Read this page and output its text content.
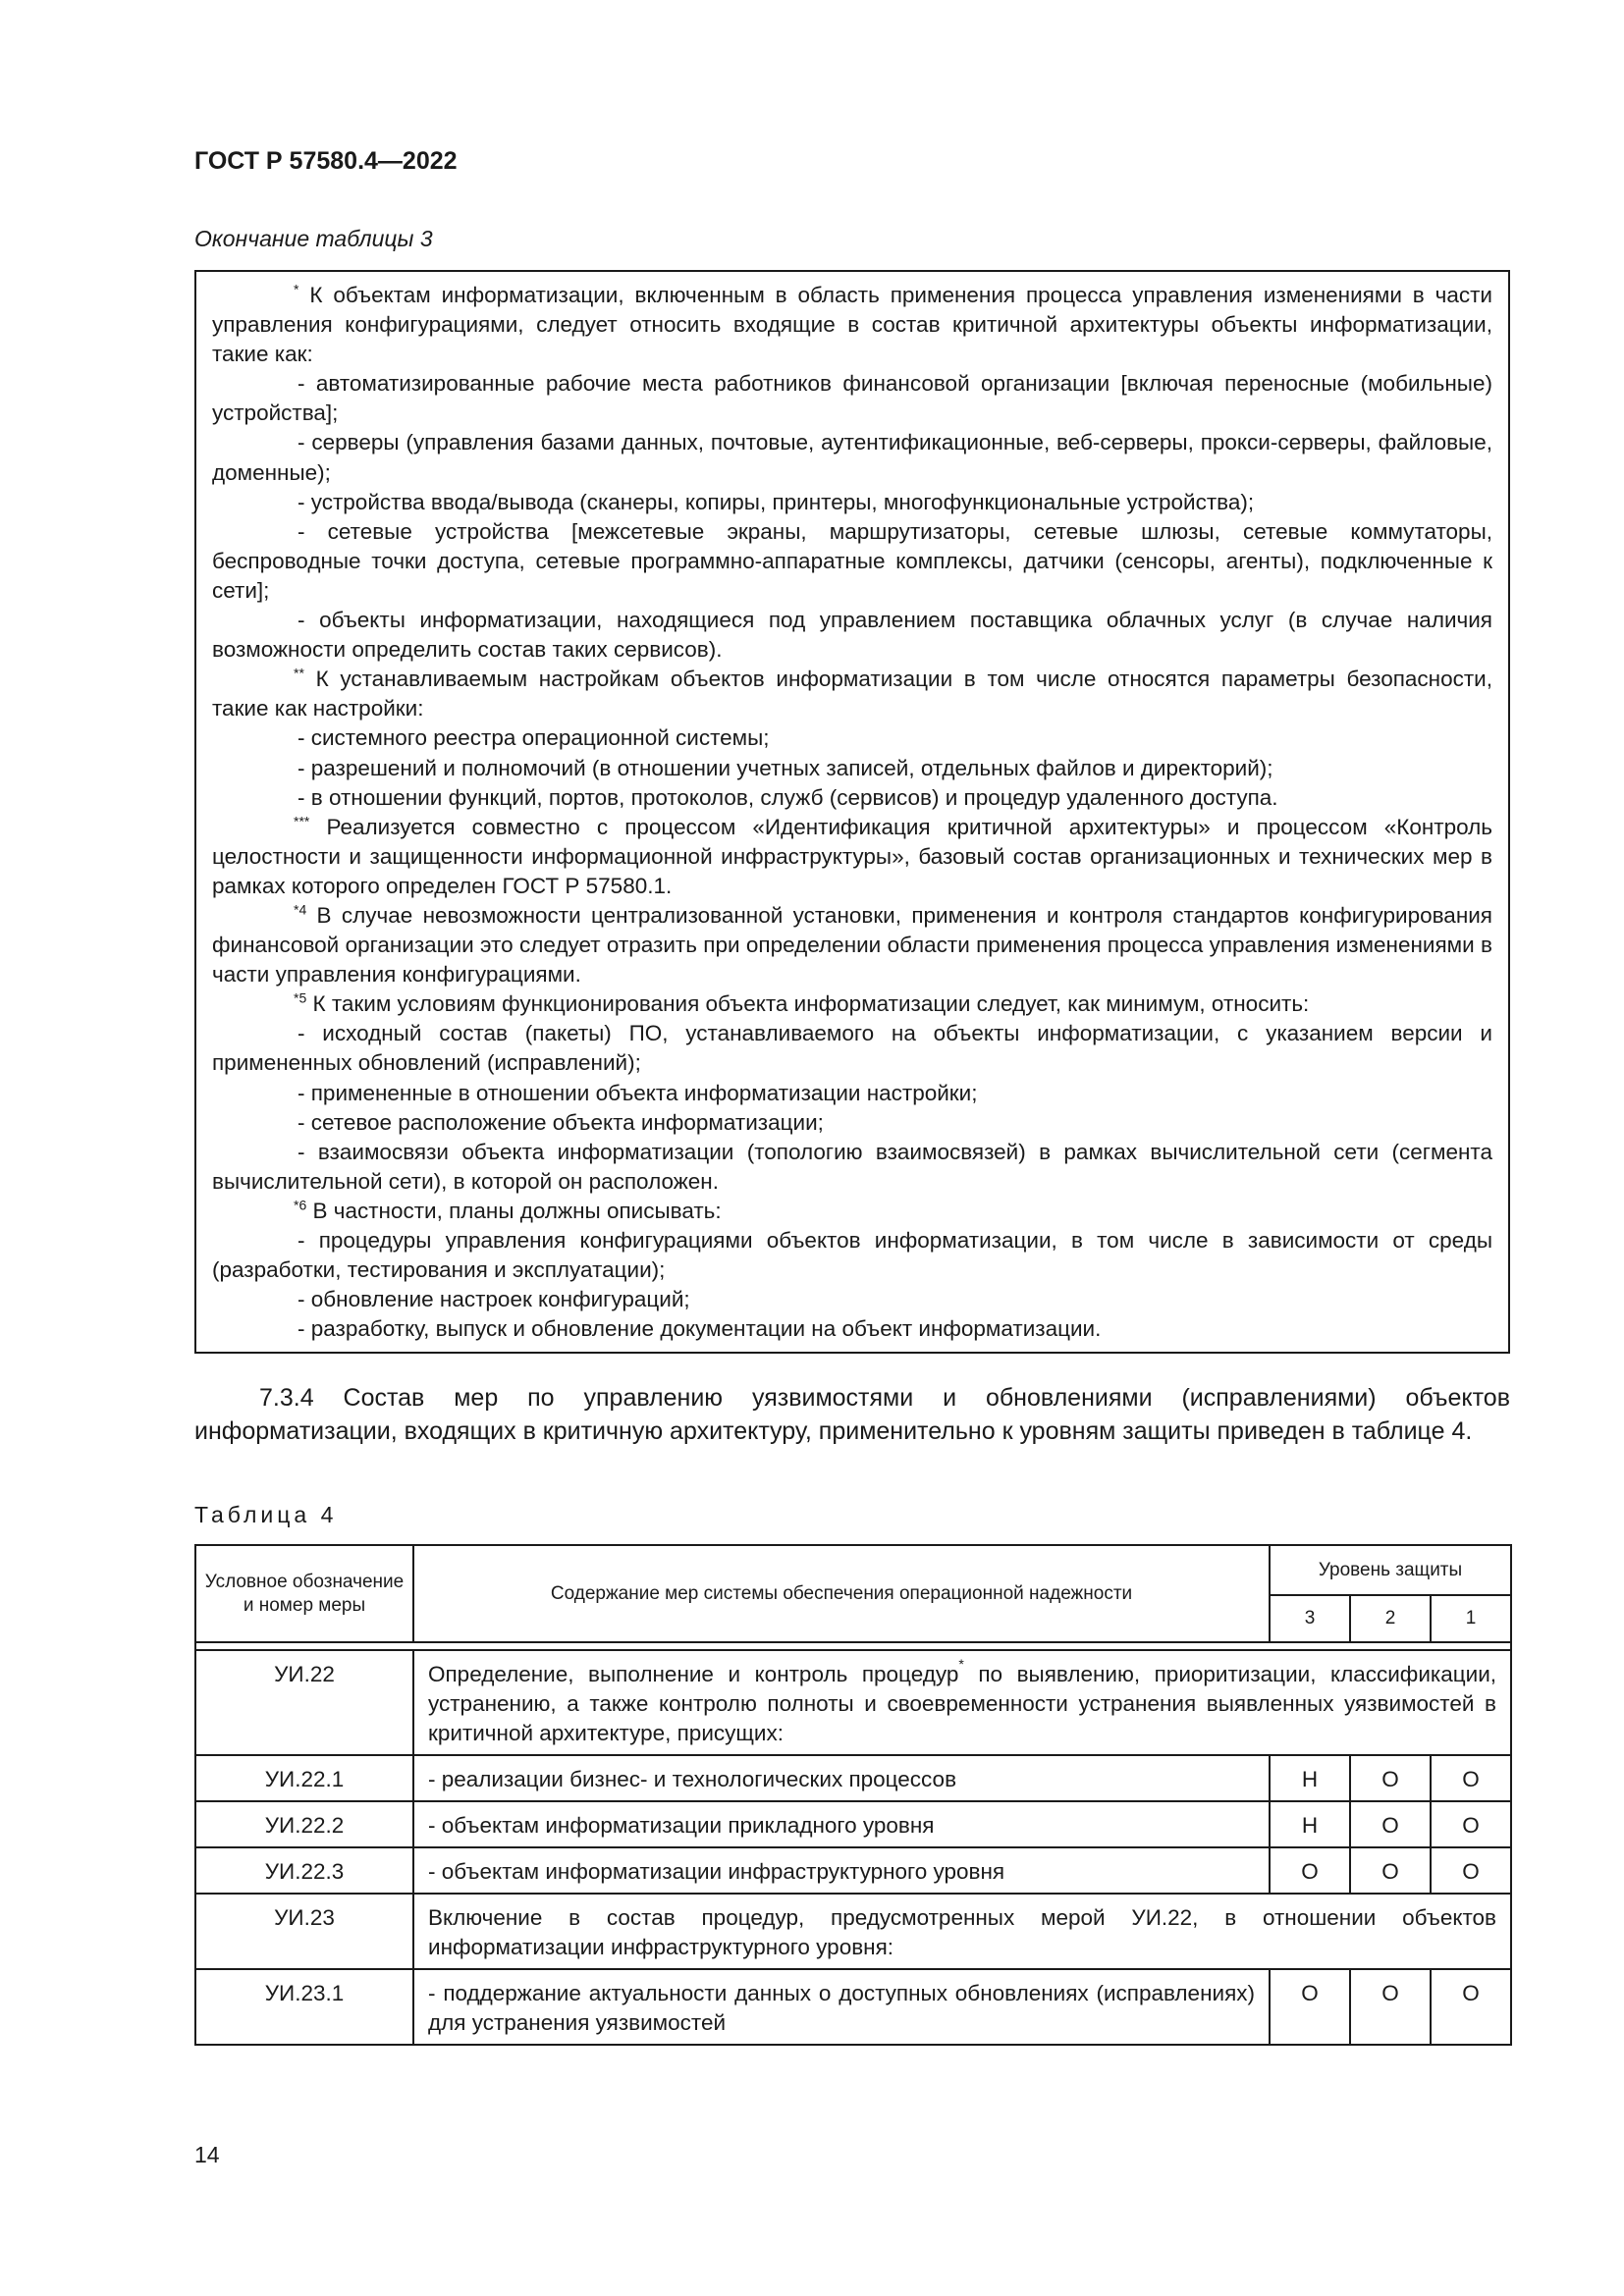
ГОСТ Р 57580.4—2022
Окончание таблицы 3

* К объектам информатизации, включенным в область применения процесса управления изменениями в части управления конфигурациями, следует относить входящие в состав критичной архитектуры объекты информатизации, такие как:

- автоматизированные рабочие места работников финансовой организации [включая переносные (мобильные) устройства];

- серверы (управления базами данных, почтовые, аутентификационные, веб-серверы, прокси-серверы, файловые, доменные);

- устройства ввода/вывода (сканеры, копиры, принтеры, многофункциональные устройства);

- сетевые устройства [межсетевые экраны, маршрутизаторы, сетевые шлюзы, сетевые коммутаторы, беспроводные точки доступа, сетевые программно-аппаратные комплексы, датчики (сенсоры, агенты), подключенные к сети];

- объекты информатизации, находящиеся под управлением поставщика облачных услуг (в случае наличия возможности определить состав таких сервисов).

** К устанавливаемым настройкам объектов информатизации в том числе относятся параметры безопасности, такие как настройки:

- системного реестра операционной системы;

- разрешений и полномочий (в отношении учетных записей, отдельных файлов и директорий);

- в отношении функций, портов, протоколов, служб (сервисов) и процедур удаленного доступа.

*** Реализуется совместно с процессом «Идентификация критичной архитектуры» и процессом «Контроль целостности и защищенности информационной инфраструктуры», базовый состав организационных и технических мер в рамках которого определен ГОСТ Р 57580.1.

$^{*4}$ В случае невозможности централизованной установки, применения и контроля стандартов конфигурирования финансовой организации это следует отразить при определении области применения процесса управления изменениями в части управления конфигурациями.

$^{*5}$ К таким условиям функционирования объекта информатизации следует, как минимум, относить:

- исходный состав (пакеты) ПО, устанавливаемого на объекты информатизации, с указанием версии и примененных обновлений (исправлений);

- примененные в отношении объекта информатизации настройки;

- сетевое расположение объекта информатизации;

- взаимосвязи объекта информатизации (топологию взаимосвязей) в рамках вычислительной сети (сегмента вычислительной сети), в которой он расположен.

$^{*6}$ В частности, планы должны описывать:

- процедуры управления конфигурациями объектов информатизации, в том числе в зависимости от среды (разработки, тестирования и эксплуатации);

- обновление настроек конфигураций;

- разработку, выпуск и обновление документации на объект информатизации.

7.3.4 Состав мер по управлению уязвимостями и обновлениями (исправлениями) объектов информатизации, входящих в критичную архитектуру, применительно к уровням защиты приведен в таблице 4.

Таблица 4
Условное обозначение и номер меры	Содержание мер системы обеспечения операционной надежности	Уровень защиты		
		3	2	1

УИ.22	Определение, выполнение и контроль процедур* по выявлению, приоритизации, классификации, устранению, а также контролю полноты и своевременности устранения выявленных уязвимостей в критичной архитектуре, присущих:			
УИ.22.1	- реализации бизнес- и технологических процессов	Н	О	О
УИ.22.2	- объектам информатизации прикладного уровня	Н	О	О
УИ.22.3	- объектам информатизации инфраструктурного уровня	О	О	О
УИ.23	Включение в состав процедур, предусмотренных мерой УИ.22, в отношении объектов информатизации инфраструктурного уровня:			
УИ.23.1	- поддержание актуальности данных о доступных обновлениях (исправлениях) для устранения уязвимостей	О	О	О
14
